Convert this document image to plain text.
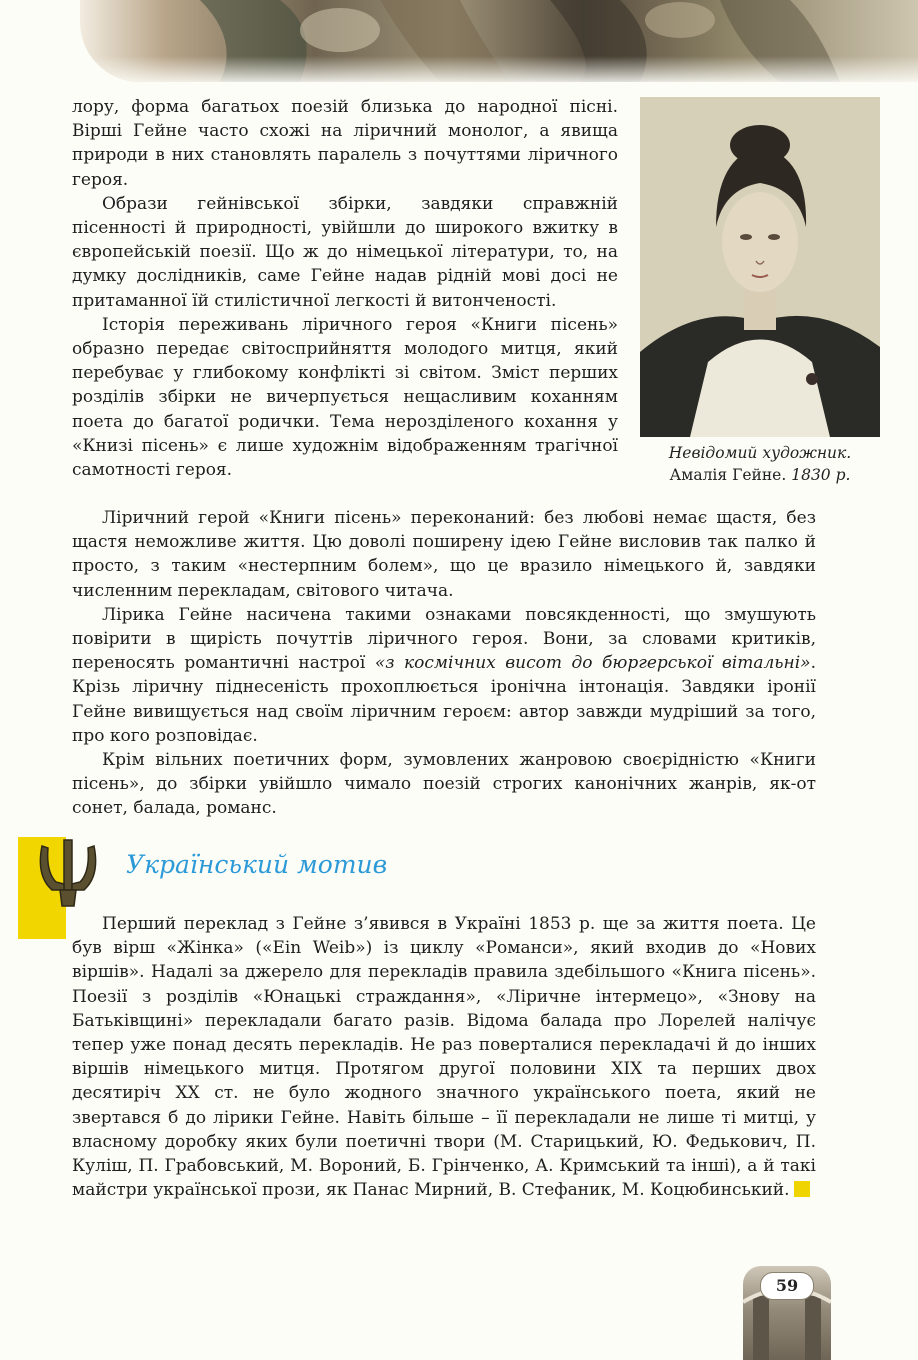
Невідомий художник.
Амалія Гейне. 1830 р.

лору, форма багатьох поезій близька до народної пісні. Вірші Гейне часто схожі на ліричний монолог, а явища природи в них становлять паралель з почуттями ліричного героя.

Образи гейнівської збірки, завдяки справжній пісенності й природності, увійшли до широкого вжитку в європейській поезії. Що ж до німецької літератури, то, на думку дослідників, саме Гейне надав рідній мові досі не притаманної їй стилістичної легкості й витонченості.

Історія переживань ліричного героя «Книги пісень» образно передає світосприйняття молодого митця, який перебуває у глибокому конфлікті зі світом. Зміст перших розділів збірки не вичерпується нещасливим коханням поета до багатої родички. Тема нерозділеного кохання у «Книзі пісень» є лише художнім відображенням трагічної самотності героя.

Ліричний герой «Книги пісень» переконаний: без любові немає щастя, без щастя неможливе життя. Цю доволі поширену ідею Гейне висловив так палко й просто, з таким «нестерпним болем», що це вразило німецького й, завдяки численним перекладам, світового читача.

Лірика Гейне насичена такими ознаками повсякденності, що змушують повірити в щирість почуттів ліричного героя. Вони, за словами критиків, переносять романтичні настрої «з космічних висот до бюргерської вітальні». Крізь ліричну піднесеність прохоплюється іронічна інтонація. Завдяки іронії Гейне вивищується над своїм ліричним героєм: автор завжди мудріший за того, про кого розповідає.

Крім вільних поетичних форм, зумовлених жанровою своєрідністю «Книги пісень», до збірки увійшло чимало поезій строгих канонічних жанрів, як-от сонет, балада, романс.

Український мотив

Перший переклад з Гейне з’явився в Україні 1853 р. ще за життя поета. Це був вірш «Жінка» («Ein Weib») із циклу «Романси», який входив до «Нових віршів». Надалі за джерело для перекладів правила здебільшого «Книга пісень». Поезії з розділів «Юнацькі страждання», «Ліричне інтермецо», «Знову на Батьківщині» перекладали багато разів. Відома балада про Лорелей налічує тепер уже понад десять перекладів. Не раз поверталися перекладачі й до інших віршів німецького митця. Протягом другої половини XIX та перших двох десятиріч XX ст. не було жодного значного українського поета, який не звертався б до лірики Гейне. Навіть більше – її перекладали не лише ті митці, у власному доробку яких були поетичні твори (М. Старицький, Ю. Федькович, П. Куліш, П. Грабовський, М. Вороний, Б. Грінченко, А. Кримський та інші), а й такі майстри української прози, як Панас Мирний, В. Стефаник, М. Коцюбинський.

59
